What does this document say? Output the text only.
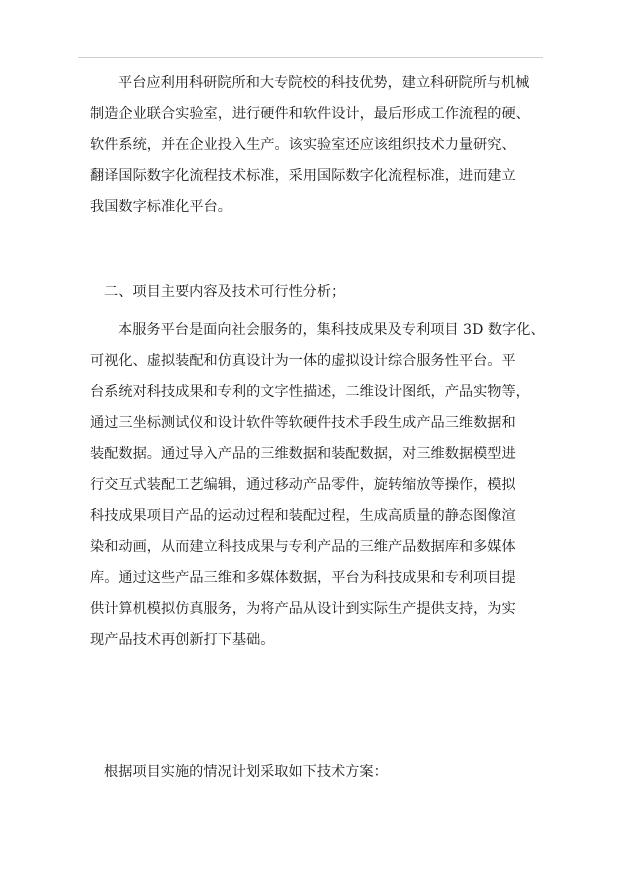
平台应利用科研院所和大专院校的科技优势，建立科研院所与机械
制造企业联合实验室，进行硬件和软件设计，最后形成工作流程的硬、
软件系统，并在企业投入生产。该实验室还应该组织技术力量研究、
翻译国际数字化流程技术标准，采用国际数字化流程标准，进而建立
我国数字标准化平台。
二、项目主要内容及技术可行性分析；
本服务平台是面向社会服务的，集科技成果及专利项目 3D 数字化、
可视化、虚拟装配和仿真设计为一体的虚拟设计综合服务性平台。平
台系统对科技成果和专利的文字性描述，二维设计图纸，产品实物等，
通过三坐标测试仪和设计软件等软硬件技术手段生成产品三维数据和
装配数据。通过导入产品的三维数据和装配数据，对三维数据模型进
行交互式装配工艺编辑，通过移动产品零件，旋转缩放等操作，模拟
科技成果项目产品的运动过程和装配过程，生成高质量的静态图像渲
染和动画，从而建立科技成果与专利产品的三维产品数据库和多媒体
库。通过这些产品三维和多媒体数据，平台为科技成果和专利项目提
供计算机模拟仿真服务，为将产品从设计到实际生产提供支持，为实
现产品技术再创新打下基础。
根据项目实施的情况计划采取如下技术方案：
